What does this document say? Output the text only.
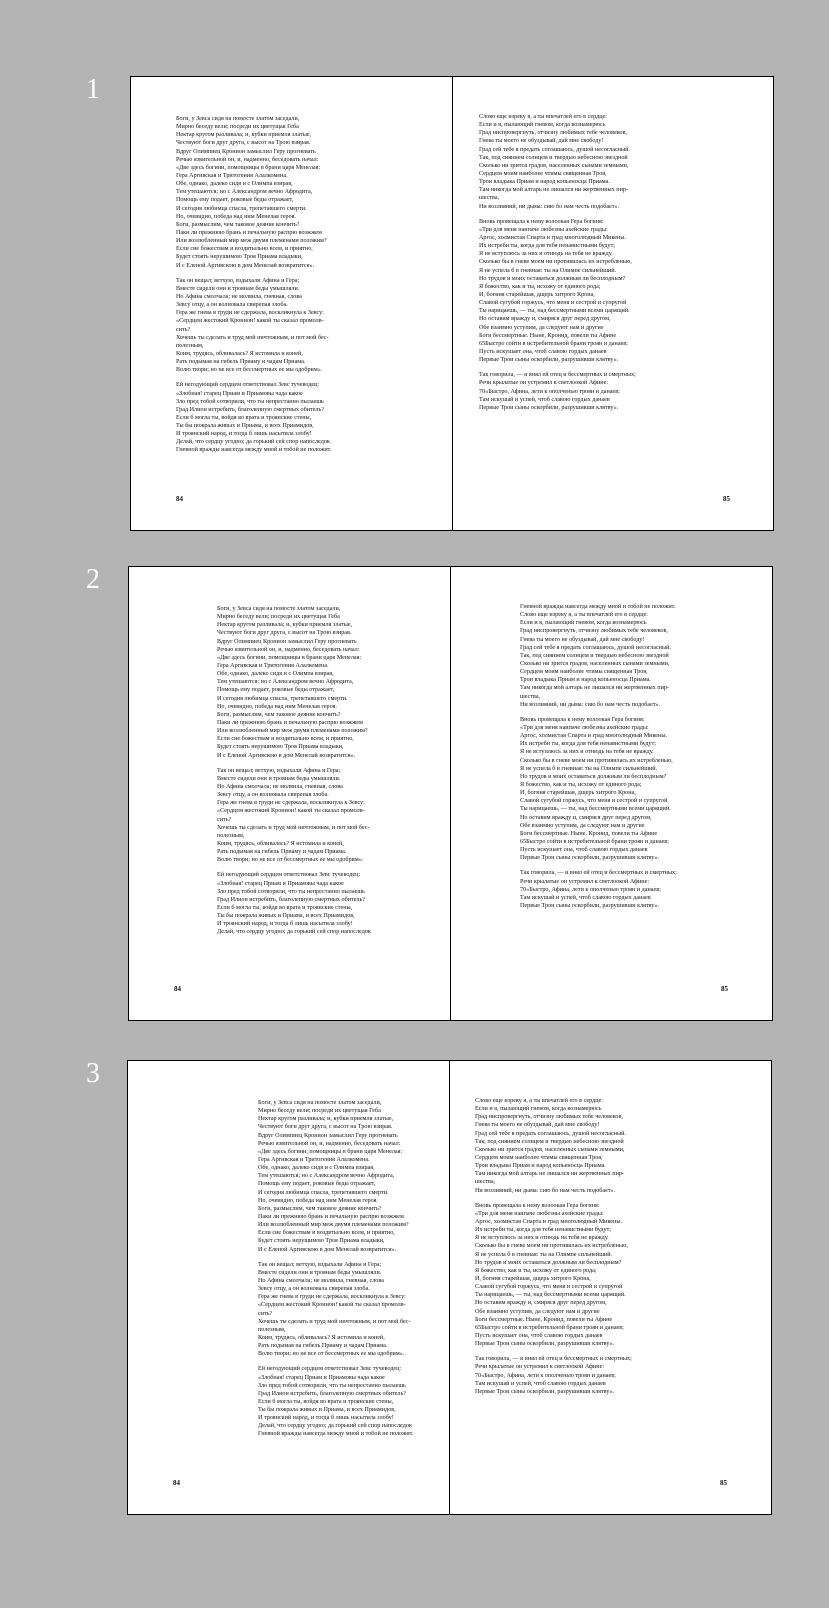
1
Боги, у Зевса сидя на помосте златом заседали,
Мирно беседу вели; посреди их цветущая Геба
Нектар кругом разливала; и, кубки приемля златые,
Чествуют боги друг друга, с высот на Трою взирая.
Вдруг Олимпиец Кронион замыслил Геру прогневать
Речью язвительной он, и, надменно, беседовать начал:
«Две здесь богини, помощницы в брани царя Менелая:
Гера Аргивская и Тритогения Алалкомена.
Обе, однако, далеко сидя и с Олимпа взирая,
Тем утешаются; но с Александром вечно Афродита,
Помощь ему подает, роковые беды отражает,
И сегодня любимца спасла, трепетавшего смерти.
Но, очевидно, победа над ним Менелая героя.
Боги, размыслим, чем таковое деяние кончить?
Паки ли прежнюю брань и печальную распрю возжжем
Или возлюбленный мир меж двумя племенами положим?
Если сие божествам и воздвтыльно всем, и приятно,
Будет стоять нерушимою Троя Приама владыки,
И с Еленой Аргивскою в дом Менелай возвратится».
Так он вещал; ветхую, вздыхали Афина и Гера;
Вместе сидели они и троянам беды умышляли.
Но Афина смолчала; не молвила, гневная, слова
Зевсу отцу, а он волновала свирепая злоба.
Гера же гнева в груди не сдержала, воскликнула к Зевсу:
«Сердцем жестокий Кронион! какой ты сказал промолв-
сить?
Хочешь ты сделать и труд мой ничтожным, и пот мой бес-
полезным,
Коим, трудясь, обливалась? Я истомила и коней,
Рать подымая на гибель Приаму и чадам Приама.
Волю твори; но не все от бессмертных ее мы одобрим».
Ей негодующий сердцем ответствовал Зевс тучеводец:
«Злобная! старец Приам и Приамовы чада какое
Зло пред тобой сотворили, что ты непрестанно пылаешь
Град Илион истребить, благолепную смертных обитель?
Если б могла ты, войдя во врата и троянские стены,
Ты бы пожрала живых и Приама, и всех Приамидов,
И троянский народ, и тогда б лишь насытила злобу!
Делай, что сердцу угодно; да горький сей спор напоследок
Гневной вражды навсегда между мной и тобой не положит.
84
Слово еще изреку я, а ты впечатлей его в сердце:
Если и я, пылающий гневом, когда вознамерюсь
Град ниспровергнуть, отчизну любимых тебе человеков,
Гнева ты моего не обуздывай, дай мне свободу!
Град сей тебе я предать соглашаюсь, душой несогласный.
Так, под сиянием солнцем и твердью небесною звездной
Сколько ни зрится градов, населенных сынами земными,
Сердцем моим наиболее чтимы священная Троя,
Трои владыка Приам и народ копьеносца Приама.
Там никогда мой алтарь не лишался ни жертвенных пир-
шества,
Ни возлияний, ни дыма: сию бо нам честь подобает».
Вновь провещала к нему волоокая Гера богиня:
«Три для меня наипаче любезны ахейские грады:
Аргос, холмистая Спарта и град многолюдный Микены.
Их истреби ты, когда для тебя ненавистными будут;
Я не вступлюсь за них и отнюдь на тебя не вражду.
Сколько бы в гневе моем ни противилась их истребленью,
Я не успела б в гневная: ты на Олимпе сильнейший.
Но трудов и моих оставаться должным ли бесплодным?
Я божество, как и ты, исхожу от единого рода;
И, богиня старейшая, дщерь хитрого Крона,
Славой сугубой горжусь, что меня и сестрой и супругой
Ты нарицаешь, — ты, над бессмертными всеми царящий.
Но оставим вражду и, смиряся друг перед другом,
Обе взаимно уступим, да следуют нам и другие
Боги бессмертные. Ныне, Кронид, повели ты Афине
65Быстро сойти в истребительной брани троян и данаев;
Пусть искушает она, чтоб славою гордых данаев
Первые Трои сыны оскорбили, разрушивши клятву».
Так говорила, — и внял ей отец и бессмертных и смертных;
Речи крылатые он устремил к светлоокой Афине:
70«Быстро, Афина, лети к ополченью троян и данаев;
Там искушай и успей, чтоб славою гордых данаев
Первые Трои сыны оскорбили, разрушивши клятву».
85
2
Боги, у Зевса сидя на помосте златом заседали,
Мирно беседу вели; посреди их цветущая Геба
Нектар кругом разливала; и, кубки приемля златые,
Чествуют боги друг друга, с высот на Трою взирая.
Вдруг Олимпиец Кронион замыслил Геру прогневать
Речью язвительной он, и, надменно, беседовать начал:
«Две здесь богини, помощницы в брани царя Менелая:
Гера Аргивская и Тритогения Алалкомена.
Обе, однако, далеко сидя и с Олимпа взирая,
Тем утешаются; но с Александром вечно Афродита,
Помощь ему подает, роковые беды отражает,
И сегодня любимца спасла, трепетавшего смерти.
Но, очевидно, победа над ним Менелая героя.
Боги, размыслим, чем таковое деяние кончить?
Паки ли прежнюю брань и печальную распрю возжжем
Или возлюбленный мир меж двумя племенами положим?
Если сие божествам и воздвтыльно всем, и приятно,
Будет стоять нерушимою Троя Приама владыки,
И с Еленой Аргивскою в дом Менелай возвратится».
Так он вещал; ветхую, вздыхали Афина и Гера;
Вместе сидели они и троянам беды умышляли.
Но Афина смолчала; не молвила, гневная, слова
Зевсу отцу, а он волновала свирепая злоба.
Гера же гнева в груди не сдержала, воскликнула к Зевсу:
«Сердцем жестокий Кронион! какой ты сказал промолв-
сить?
Хочешь ты сделать и труд мой ничтожным, и пот мой бес-
полезным,
Коим, трудясь, обливалась? Я истомила и коней,
Рать подымая на гибель Приаму и чадам Приама.
Волю твори; но не все от бессмертных ее мы одобрим».
Ей негодующий сердцем ответствовал Зевс тучеводец:
«Злобная! старец Приам и Приамовы чада какое
Зло пред тобой сотворили, что ты непрестанно пылаешь
Град Илион истребить, благолепную смертных обитель?
Если б могла ты, войдя во врата и троянские стены,
Ты бы пожрала живых и Приама, и всех Приамидов,
И троянский народ, и тогда б лишь насытила злобу!
Делай, что сердцу угодно; да горький сей спор напоследок
84
Гневной вражды навсегда между мной и тобой не положит.
Слово еще изреку я, а ты впечатлей его в сердце:
Если и я, пылающий гневом, когда вознамерюсь
Град ниспровергнуть, отчизну любимых тебе человеков,
Гнева ты моего не обуздывай, дай мне свободу!
Град сей тебе я предать соглашаюсь, душой несогласный.
Так, под сиянием солнцем и твердью небесною звездной
Сколько ни зрится градов, населенных сынами земными,
Сердцем моим наиболее чтимы священная Троя,
Трои владыка Приам и народ копьеносца Приама.
Там никогда мой алтарь не лишался ни жертвенных пир-
шества,
Ни возлияний, ни дыма: сию бо нам честь подобает».
Вновь провещала к нему волоокая Гера богиня:
«Три для меня наипаче любезны ахейские грады:
Аргос, холмистая Спарта и град многолюдный Микены.
Их истреби ты, когда для тебя ненавистными будут;
Я не вступлюсь за них и отнюдь на тебя не вражду.
Сколько бы в гневе моем ни противилась их истребленью,
Я не успела б в гневная: ты на Олимпе сильнейший.
Но трудов и моих оставаться должным ли бесплодным?
Я божество, как и ты, исхожу от единого рода;
И, богиня старейшая, дщерь хитрого Крона,
Славой сугубой горжусь, что меня и сестрой и супругой
Ты нарицаешь, — ты, над бессмертными всеми царящий.
Но оставим вражду и, смиряся друг перед другом,
Обе взаимно уступим, да следуют нам и другие
Боги бессмертные. Ныне, Кронид, повели ты Афине
65Быстро сойти в истребительной брани троян и данаев;
Пусть искушает она, чтоб славою гордых данаев
Первые Трои сыны оскорбили, разрушивши клятву».
Так говорила, — и внял ей отец и бессмертных и смертных;
Речи крылатые он устремил к светлоокой Афине:
70«Быстро, Афина, лети к ополченью троян и данаев;
Там искушай и успей, чтоб славою гордых данаев
Первые Трои сыны оскорбили, разрушивши клятву».
85
3
Боги, у Зевса сидя на помосте златом заседали,
Мирно беседу вели; посреди их цветущая Геба
Нектар кругом разливала; и, кубки приемля златые,
Чествуют боги друг друга, с высот на Трою взирая.
Вдруг Олимпиец Кронион замыслил Геру прогневать
Речью язвительной он, и, надменно, беседовать начал:
«Две здесь богини, помощницы в брани царя Менелая:
Гера Аргивская и Тритогения Алалкомена.
Обе, однако, далеко сидя и с Олимпа взирая,
Тем утешаются; но с Александром вечно Афродита,
Помощь ему подает, роковые беды отражает,
И сегодня любимца спасла, трепетавшего смерти.
Но, очевидно, победа над ним Менелая героя.
Боги, размыслим, чем таковое деяние кончить?
Паки ли прежнюю брань и печальную распрю возжжем
Или возлюбленный мир меж двумя племенами положим?
Если сие божествам и воздвтыльно всем, и приятно,
Будет стоять нерушимою Троя Приама владыки,
И с Еленой Аргивскою в дом Менелай возвратится».
Так он вещал; ветхую, вздыхали Афина и Гера;
Вместе сидели они и троянам беды умышляли.
Но Афина смолчала; не молвила, гневная, слова
Зевсу отцу, а он волновала свирепая злоба.
Гера же гнева в груди не сдержала, воскликнула к Зевсу:
«Сердцем жестокий Кронион! какой ты сказал промолв-
сить?
Хочешь ты сделать и труд мой ничтожным, и пот мой бес-
полезным,
Коим, трудясь, обливалась? Я истомила и коней,
Рать подымая на гибель Приаму и чадам Приама.
Волю твори; но не все от бессмертных ее мы одобрим».
Ей негодующий сердцем ответствовал Зевс тучеводец:
«Злобная! старец Приам и Приамовы чада какое
Зло пред тобой сотворили, что ты непрестанно пылаешь
Град Илион истребить, благолепную смертных обитель?
Если б могла ты, войдя во врата и троянские стены,
Ты бы пожрала живых и Приама, и всех Приамидов,
И троянский народ, и тогда б лишь насытила злобу!
Делай, что сердцу угодно; да горький сей спор напоследок
Гневной вражды навсегда между мной и тобой не положит.
84
Слово еще изреку я, а ты впечатлей его в сердце:
Если и я, пылающий гневом, когда вознамерюсь
Град ниспровергнуть, отчизну любимых тебе человеков,
Гнева ты моего не обуздывай, дай мне свободу!
Град сей тебе я предать соглашаюсь, душой несогласный.
Так, под сиянием солнцем и твердью небесною звездной
Сколько ни зрится градов, населенных сынами земными,
Сердцем моим наиболее чтимы священная Троя,
Трои владыка Приам и народ копьеносца Приама.
Там никогда мой алтарь не лишался ни жертвенных пир-
шества,
Ни возлияний, ни дыма: сию бо нам честь подобает».
Вновь провещала к нему волоокая Гера богиня:
«Три для меня наипаче любезны ахейские грады:
Аргос, холмистая Спарта и град многолюдный Микены.
Их истреби ты, когда для тебя ненавистными будут;
Я не вступлюсь за них и отнюдь на тебя не вражду.
Сколько бы в гневе моем ни противилась их истребленью,
Я не успела б в гневная: ты на Олимпе сильнейший.
Но трудов и моих оставаться должным ли бесплодным?
Я божество, как и ты, исхожу от единого рода;
И, богиня старейшая, дщерь хитрого Крона,
Славой сугубой горжусь, что меня и сестрой и супругой
Ты нарицаешь, — ты, над бессмертными всеми царящий.
Но оставим вражду и, смиряся друг перед другом,
Обе взаимно уступим, да следуют нам и другие
Боги бессмертные. Ныне, Кронид, повели ты Афине
65Быстро сойти в истребительной брани троян и данаев;
Пусть искушает она, чтоб славою гордых данаев
Первые Трои сыны оскорбили, разрушивши клятву».
Так говорила, — и внял ей отец и бессмертных и смертных;
Речи крылатые он устремил к светлоокой Афине:
70«Быстро, Афина, лети к ополченью троян и данаев;
Там искушай и успей, чтоб славою гордых данаев
Первые Трои сыны оскорбили, разрушивши клятву».
85
